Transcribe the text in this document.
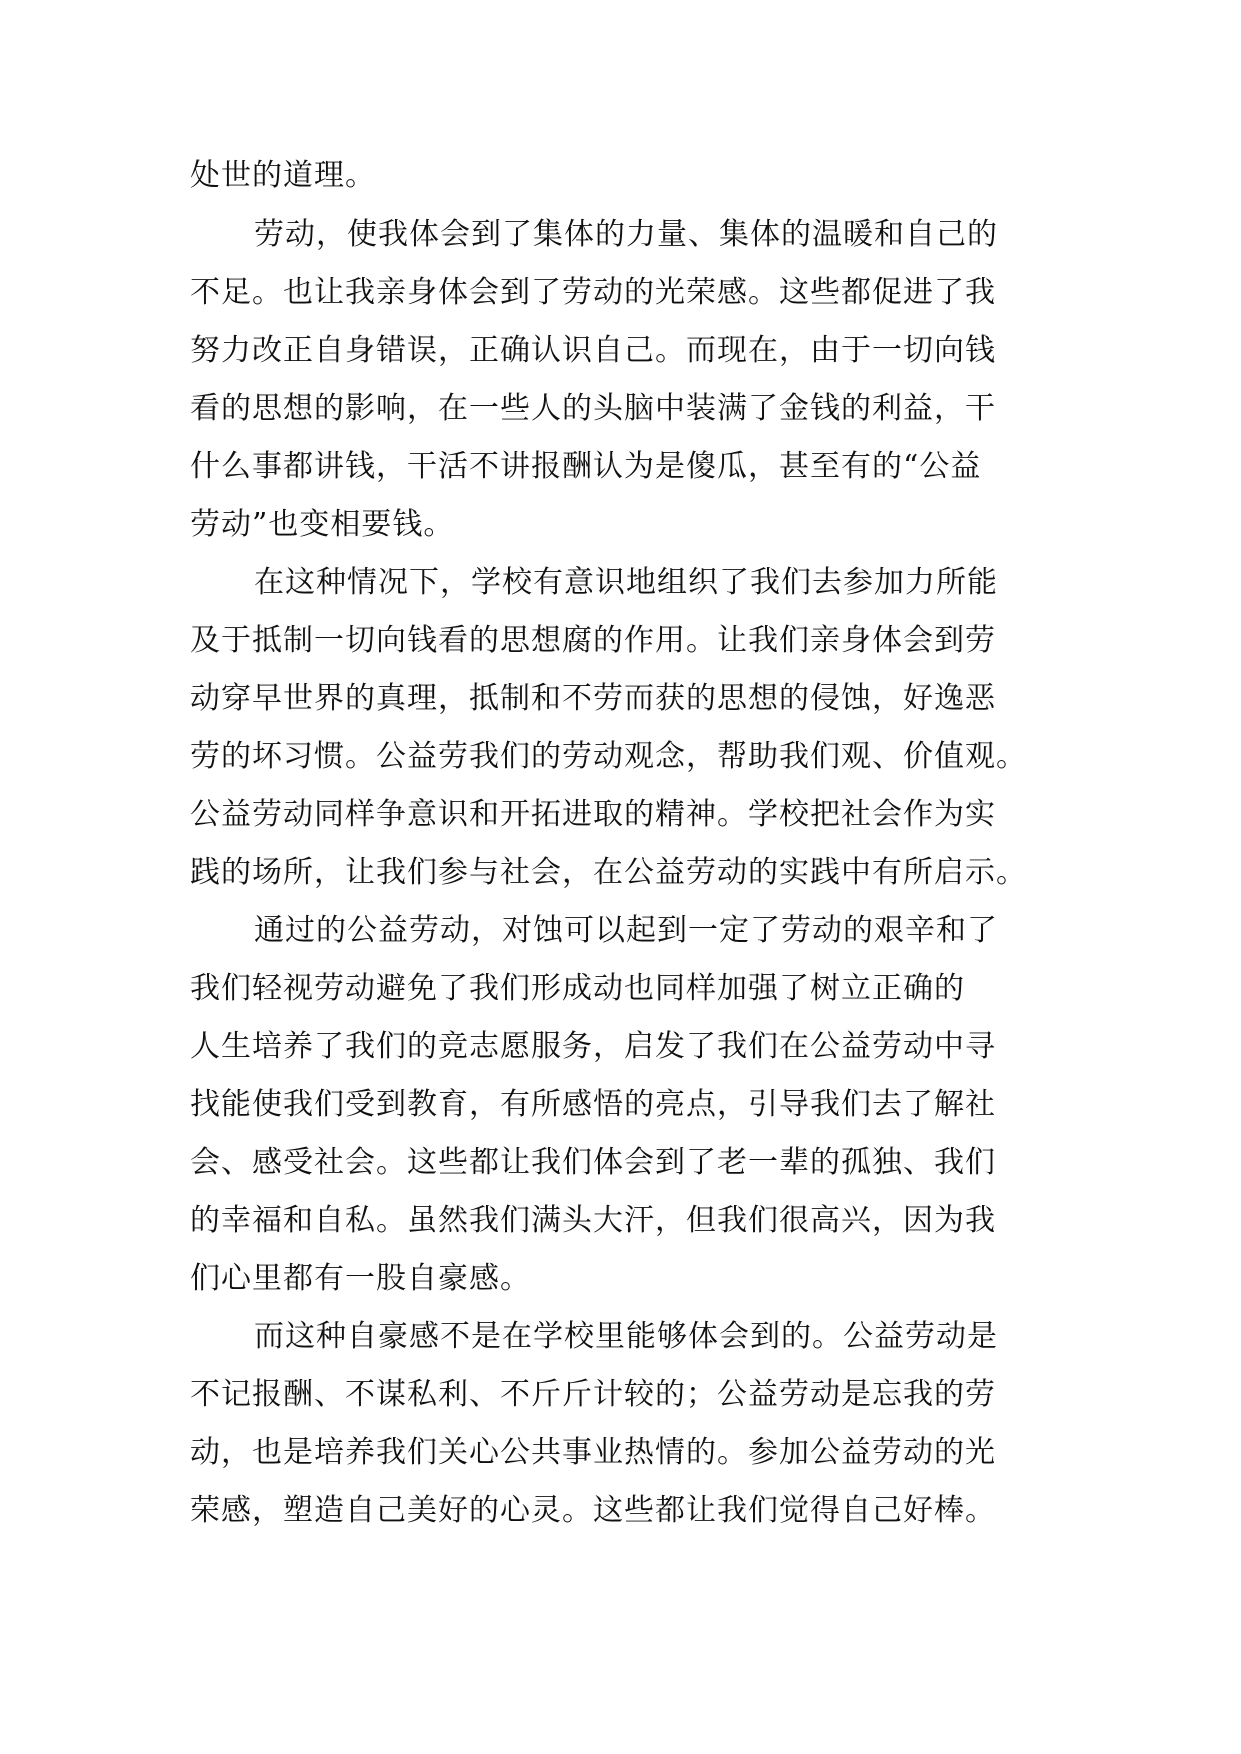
处世的道理。
劳动，使我体会到了集体的力量、集体的温暖和自己的
不足。也让我亲身体会到了劳动的光荣感。这些都促进了我
努力改正自身错误，正确认识自己。而现在，由于一切向钱
看的思想的影响，在一些人的头脑中装满了金钱的利益，干
什么事都讲钱，干活不讲报酬认为是傻瓜，甚至有的“公益
劳动”也变相要钱。
在这种情况下，学校有意识地组织了我们去参加力所能
及于抵制一切向钱看的思想腐的作用。让我们亲身体会到劳
动穿早世界的真理，抵制和不劳而获的思想的侵蚀，好逸恶
劳的坏习惯。公益劳我们的劳动观念，帮助我们观、价值观。
公益劳动同样争意识和开拓进取的精神。学校把社会作为实
践的场所，让我们参与社会，在公益劳动的实践中有所启示。
通过的公益劳动，对蚀可以起到一定了劳动的艰辛和了
我们轻视劳动避免了我们形成动也同样加强了树立正确的
人生培养了我们的竞志愿服务，启发了我们在公益劳动中寻
找能使我们受到教育，有所感悟的亮点，引导我们去了解社
会、感受社会。这些都让我们体会到了老一辈的孤独、我们
的幸福和自私。虽然我们满头大汗，但我们很高兴，因为我
们心里都有一股自豪感。
而这种自豪感不是在学校里能够体会到的。公益劳动是
不记报酬、不谋私利、不斤斤计较的；公益劳动是忘我的劳
动，也是培养我们关心公共事业热情的。参加公益劳动的光
荣感，塑造自己美好的心灵。这些都让我们觉得自己好棒。
